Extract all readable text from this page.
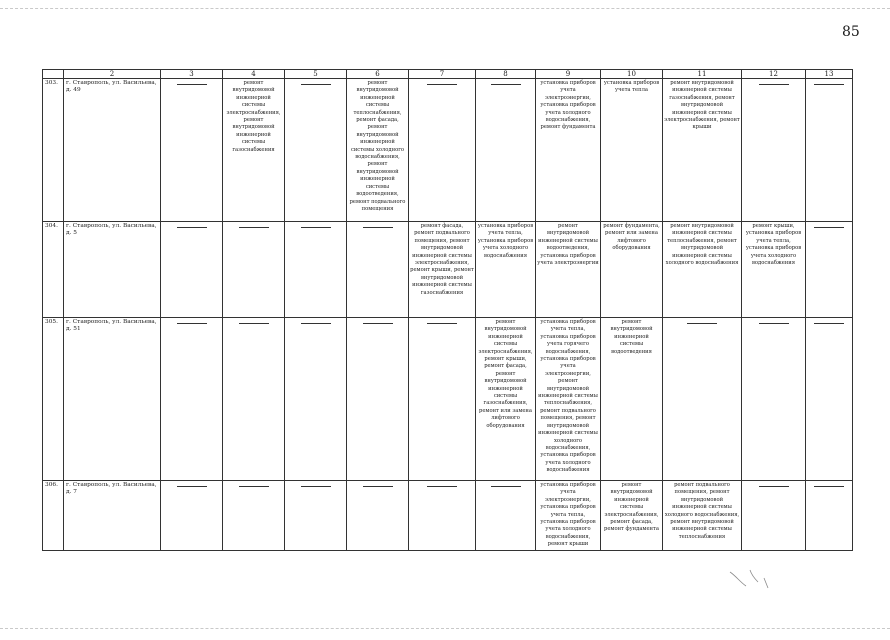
85
	2	3	4	5	6	7	8	9	10	11	12	13
303.	г. Ставрополь, ул. Васильева, д. 49		ремонт внутридомовой инженерной системы электроснабжения, ремонт внутридомовой инженерной системы газоснабжения		ремонт внутридомовой инженерной системы теплоснабжения, ремонт фасада, ремонт внутридомовой инженерной системы холодного водоснабжения, ремонт внутридомовой инженерной системы водоотведения, ремонт подвального помещения			установка приборов учета электроэнергии, установка приборов учета холодного водоснабжения, ремонт фундамента	установка приборов учета тепла	ремонт внутридомовой инженерной системы газоснабжения, ремонт внутридомовой инженерной системы электроснабжения, ремонт крыши	

304.	г. Ставрополь, ул. Васильева, д. 5					ремонт фасада, ремонт подвального помещения, ремонт внутридомовой инженерной системы электроснабжения, ремонт крыши, ремонт внутридомовой инженерной системы газоснабжения	установка приборов учета тепла, установка приборов учета холодного водоснабжения	ремонт внутридомовой инженерной системы водоотведения, установка приборов учета электроэнергии	ремонт фундамента, ремонт или замена лифтового оборудования	ремонт внутридомовой инженерной системы теплоснабжения, ремонт внутридомовой инженерной системы холодного водоснабжения	ремонт крыши, установка приборов учета тепла, установка приборов учета холодного водоснабжения	

305.	г. Ставрополь, ул. Васильева, д. 51						ремонт внутридомовой инженерной системы электроснабжения, ремонт крыши, ремонт фасада, ремонт внутридомовой инженерной системы газоснабжения, ремонт или замена лифтового оборудования	установка приборов учета тепла, установка приборов учета горячего водоснабжения, установка приборов учета электроэнергии, ремонт внутридомовой инженерной системы теплоснабжения, ремонт подвального помещения, ремонт внутридомовой инженерной системы холодного водоснабжения, установка приборов учета холодного водоснабжения	ремонт внутридомовой инженерной системы водоотведения	

306.	г. Ставрополь, ул. Васильева, д. 7							установка приборов учета электроэнергии, установка приборов учета тепла, установка приборов учета холодного водоснабжения, ремонт крыши	ремонт внутридомовой инженерной системы электроснабжения, ремонт фасада, ремонт фундамента	ремонт подвального помещения, ремонт внутридомовой инженерной системы холодного водоснабжения, ремонт внутридомовой инженерной системы теплоснабжения	
